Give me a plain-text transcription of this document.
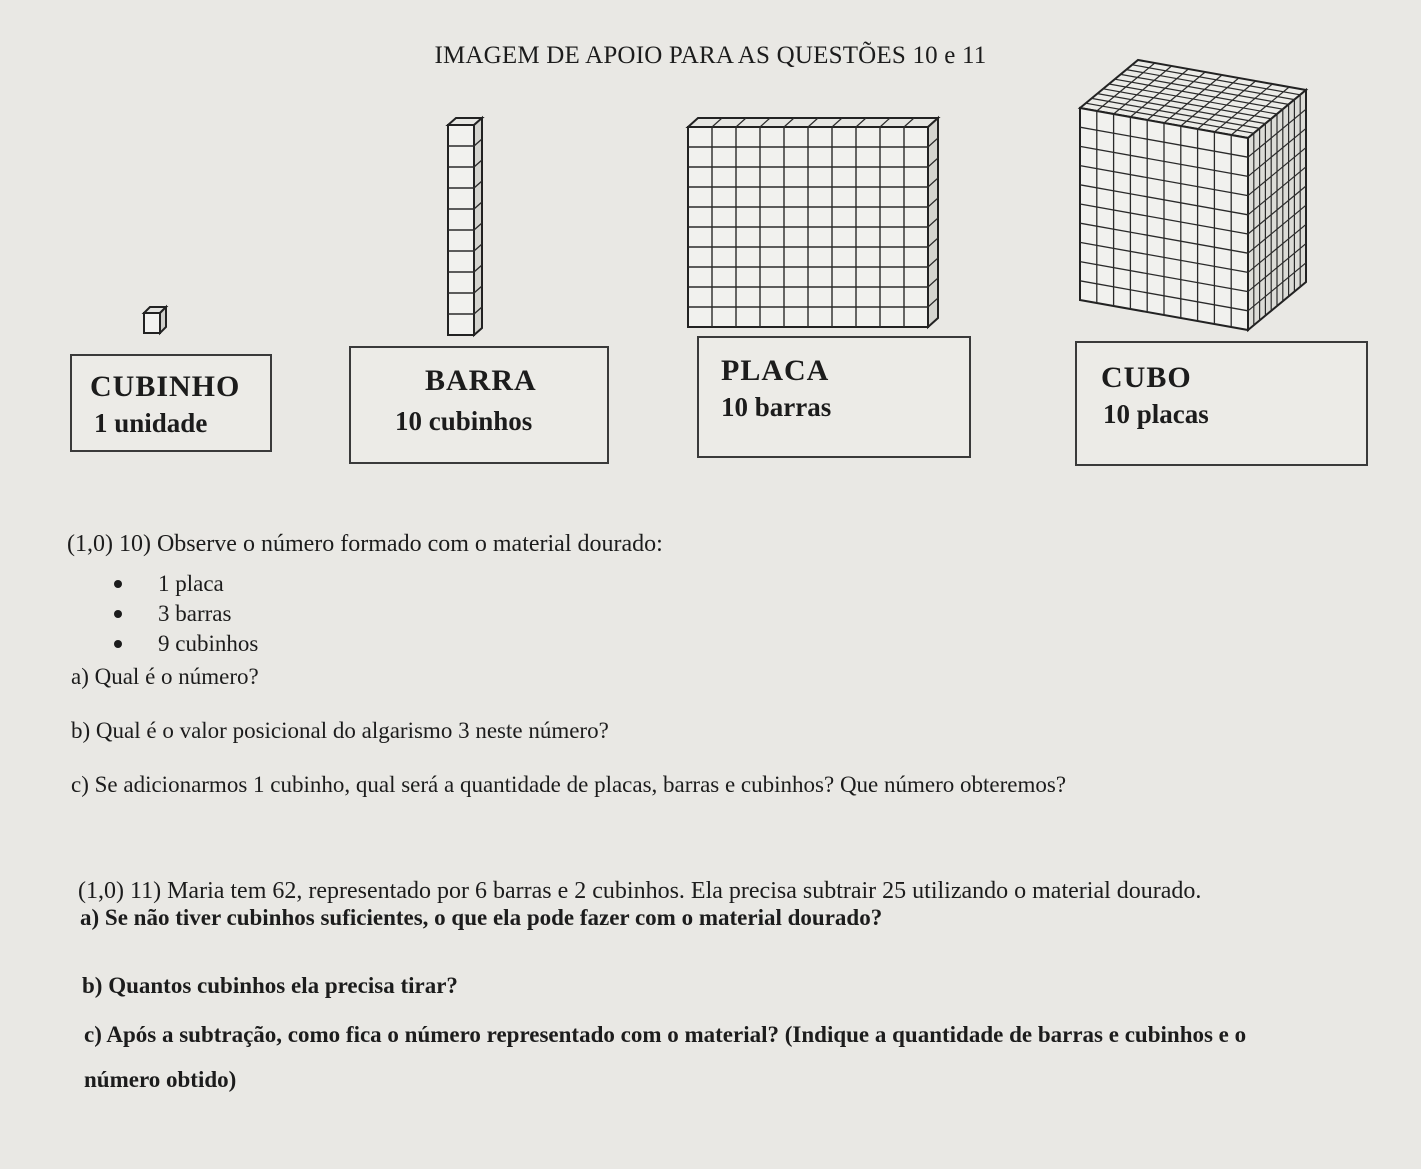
IMAGEM DE APOIO PARA AS QUESTÕES 10 e 11
CUBINHO
1 unidade
BARRA
10 cubinhos
PLACA
10 barras
CUBO
10 placas
(1,0) 10) Observe o número formado com o material dourado:
1 placa
3 barras
9 cubinhos
a) Qual é o número?
b) Qual é o valor posicional do algarismo 3 neste número?
c) Se adicionarmos 1 cubinho, qual será a quantidade de placas, barras e cubinhos? Que número obteremos?
(1,0) 11) Maria tem 62, representado por 6 barras e 2 cubinhos. Ela precisa subtrair 25 utilizando o material dourado.
a) Se não tiver cubinhos suficientes, o que ela pode fazer com o material dourado?
b) Quantos cubinhos ela precisa tirar?
c) Após a subtração, como fica o número representado com o material? (Indique a quantidade de barras e cubinhos e o
número obtido)
